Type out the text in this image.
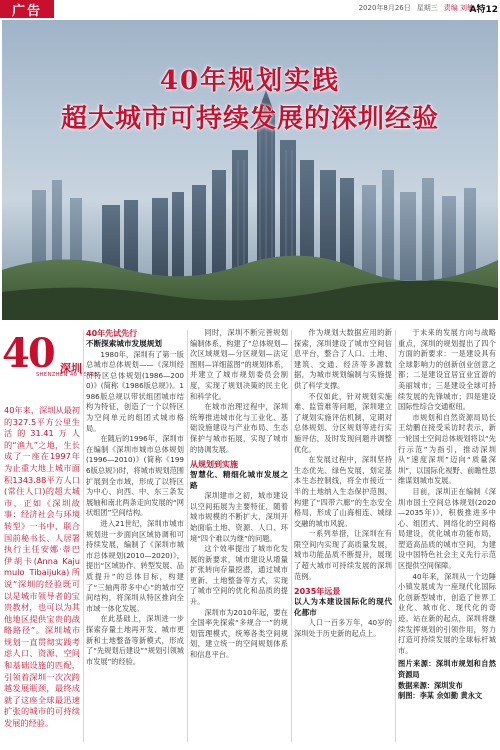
广告	2020年8月26日 星期三 责编 刘敏
A特12
40年规划实践
超大城市可持续发展的深圳经验
40 深圳
SHENZHEN 40 YEARS
40年来，深圳从最初的327.5平方公里生活的31.41万人的“渔九”之地，生长成了一座在1997年为止重大地上城市面积1343.88平方人口(常住人口)的超大城市，正如《深圳故事：经济社会与环境转型》一书中，联合国前秘书长、人居署执行主任安娜·蒂巴伊胡卡(Anna Kajumulo Tibaijuka)所说“深圳的经验既可以是城市领导者的宝贵教材，也可以为其他地区提供宝贵的战略路径”。深圳城市规划一直贯彻实践考虑人口、资源、空间和基础设施的匹配，引领着深圳一次次跨越发展瓶颈，最终成就了这座全球最迅速扩张的城市的可持续发展的经验。

40年先试先行

不断探索城市发展规划

1980年，深圳有了第一版总城市总体规划——《深圳经济特区总体规划(1986—2000)》(简称《1986版总规》)。1986版总规以带状组团城市结构为特征，创造了一个以特区为空间单元的组团式城市格局。

在随后的1996年，深圳市在编制《深圳市城市总体规划(1996—2010)》(简称《1996版总规》)时，将城市规划范围扩展到全市域，形成了以特区为中心、向西、中、东三条发展轴和南北两条走向发展的“网状组团”空间结构。

进入21世纪，深圳市城市规划进一步面向区域协调和可持续发展，编制了《深圳市城市总体规划(2010—2020)》，提出“区域协作、转型发展、品质提升”的总体目标，构建了“三轴两带多中心”的城市空间结构，将深圳从特区推向全市域一体化发展。

在此基础上，深圳进一步探索存量土地再开发、城市更新和土地整备等新模式，形成了“先规划后建设”“规划引领城市发展”的经验。

同时，深圳不断完善规划编制体系，构建了“总体规划—次区域规划—分区规划—法定图则—详细蓝图”的规划体系，并建立了城市规划委员会制度，实现了规划决策的民主化和科学化。

在城市治理过程中，深圳统筹推进城市化与工业化、基础设施建设与产业布局、生态保护与城市拓展，实现了城市的协调发展。

从规划到实施

智慧化、精细化城市发展之路

深圳建市之初，城市建设以空间拓展为主要特征，随着城市规模的不断扩大，深圳开始面临土地、资源、人口、环境“四个难以为继”的问题。

这个效率提出了城市化发展的新要求，城市建设从增量扩张转向存量挖潜，通过城市更新、土地整备等方式，实现了城市空间的优化和品质的提升。

深圳市为2010年起，要在全国率先探索“多规合一”的规划管理模式，统筹各类空间规划，建立统一的空间规划体系和信息平台。

作为规划大数据应用的新探索，深圳建设了城市空间信息平台，整合了人口、土地、建筑、交通、经济等多源数据，为城市规划编制与实施提供了科学支撑。

不仅如此，针对规划实施难、监管难等问题，深圳建立了规划实施评估机制，定期对总体规划、分区规划等进行实施评估，及时发现问题并调整优化。

在发展过程中，深圳坚持生态优先、绿色发展，划定基本生态控制线，将全市接近一半的土地纳入生态保护范围，构建了“四带六廊”的生态安全格局，形成了山海相连、城绿交融的城市风貌。

一系列举措，让深圳在有限空间内实现了高质量发展，城市功能品质不断提升，展现了超大城市可持续发展的深圳范例。

2035年远景

以人为本建设国际化的现代化都市

人口一百多万年，40岁的深圳处于历史新的起点上。

于未来的发展方向与战略重点，深圳的规划提出了四个方面的新要求：一是建设具有全球影响力的创新创业创意之都；二是建设宜居宜业宜游的美丽城市；三是建设全球可持续发展的先锋城市；四是建设国际性综合交通枢纽。

市规划和自然资源局局长王幼鹏在接受采访时表示，新一轮国土空间总体规划将以“先行示范”为指引，推动深圳从“速度深圳”迈向“质量深圳”，以国际化视野、前瞻性思维谋划城市发展。

目前，深圳正在编制《深圳市国土空间总体规划(2020—2035年)》，积极推进多中心、组团式、网络化的空间格局建设，优化城市功能布局，塑造高品质的城市空间，为建设中国特色社会主义先行示范区提供空间保障。

40年来，深圳从一个边陲小镇发展成为一座现代化国际化创新型城市，创造了世界工业化、城市化、现代化的奇迹。站在新的起点，深圳将继续发挥规划的引领作用，努力打造可持续发展的全球标杆城市。

图片来源：深圳市规划和自然资源局

数据来源：深圳发布

制图：李某 余如勤 黄永文
